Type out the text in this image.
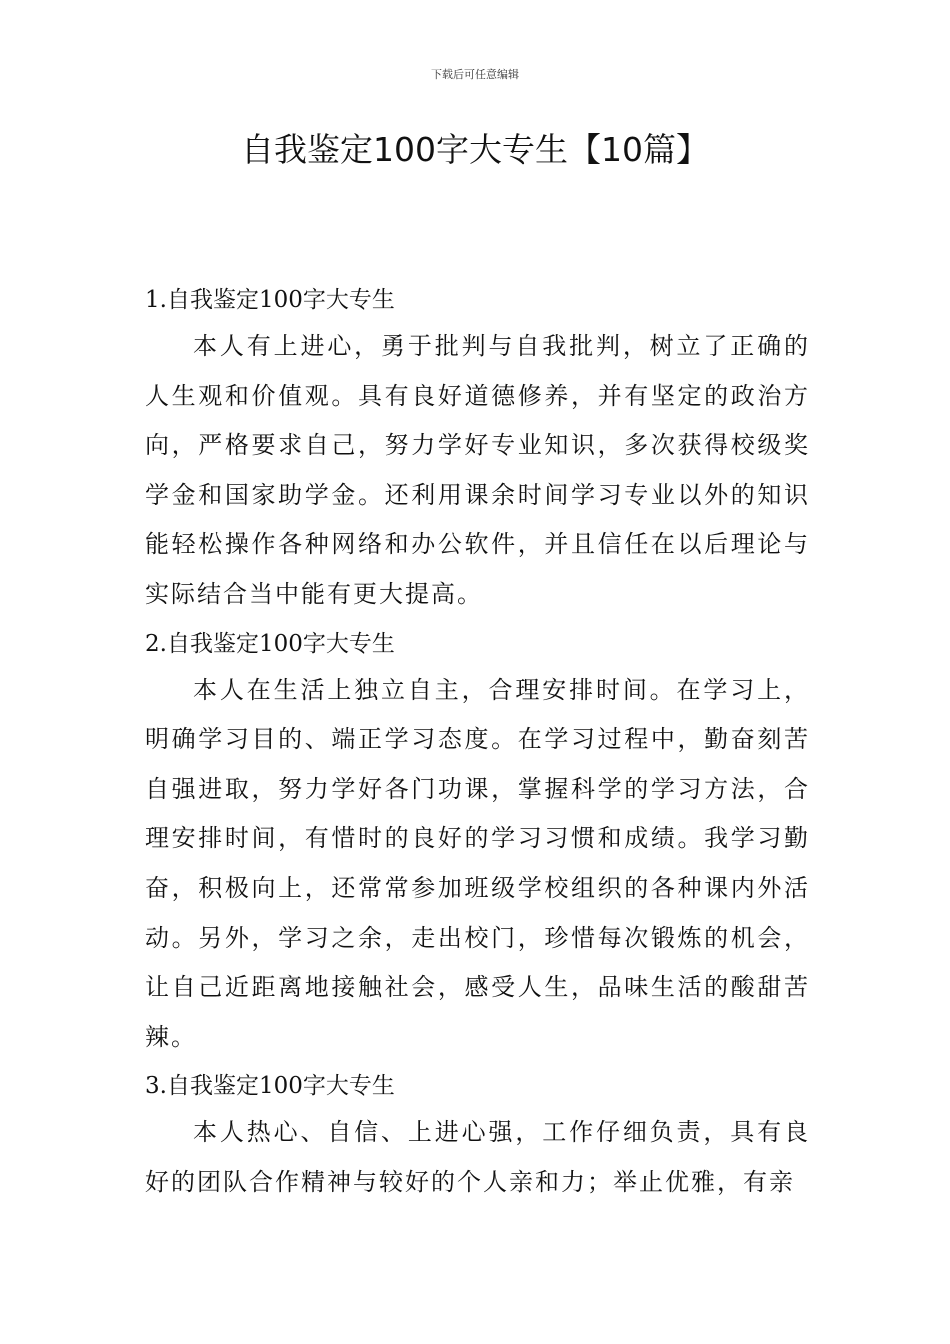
下载后可任意编辑
自我鉴定100字大专生【10篇】
1.自我鉴定100字大专生

本人有上进心，勇于批判与自我批判，树立了正确的人生观和价值观。具有良好道德修养，并有坚定的政治方向，严格要求自己，努力学好专业知识，多次获得校级奖学金和国家助学金。还利用课余时间学习专业以外的知识能轻松操作各种网络和办公软件，并且信任在以后理论与实际结合当中能有更大提高。

2.自我鉴定100字大专生

本人在生活上独立自主，合理安排时间。在学习上，明确学习目的、端正学习态度。在学习过程中，勤奋刻苦自强进取，努力学好各门功课，掌握科学的学习方法，合理安排时间，有惜时的良好的学习习惯和成绩。我学习勤奋，积极向上，还常常参加班级学校组织的各种课内外活动。另外，学习之余，走出校门，珍惜每次锻炼的机会，让自己近距离地接触社会，感受人生，品味生活的酸甜苦辣。

3.自我鉴定100字大专生

本人热心、自信、上进心强，工作仔细负责，具有良好的团队合作精神与较好的个人亲和力；举止优雅，有亲
